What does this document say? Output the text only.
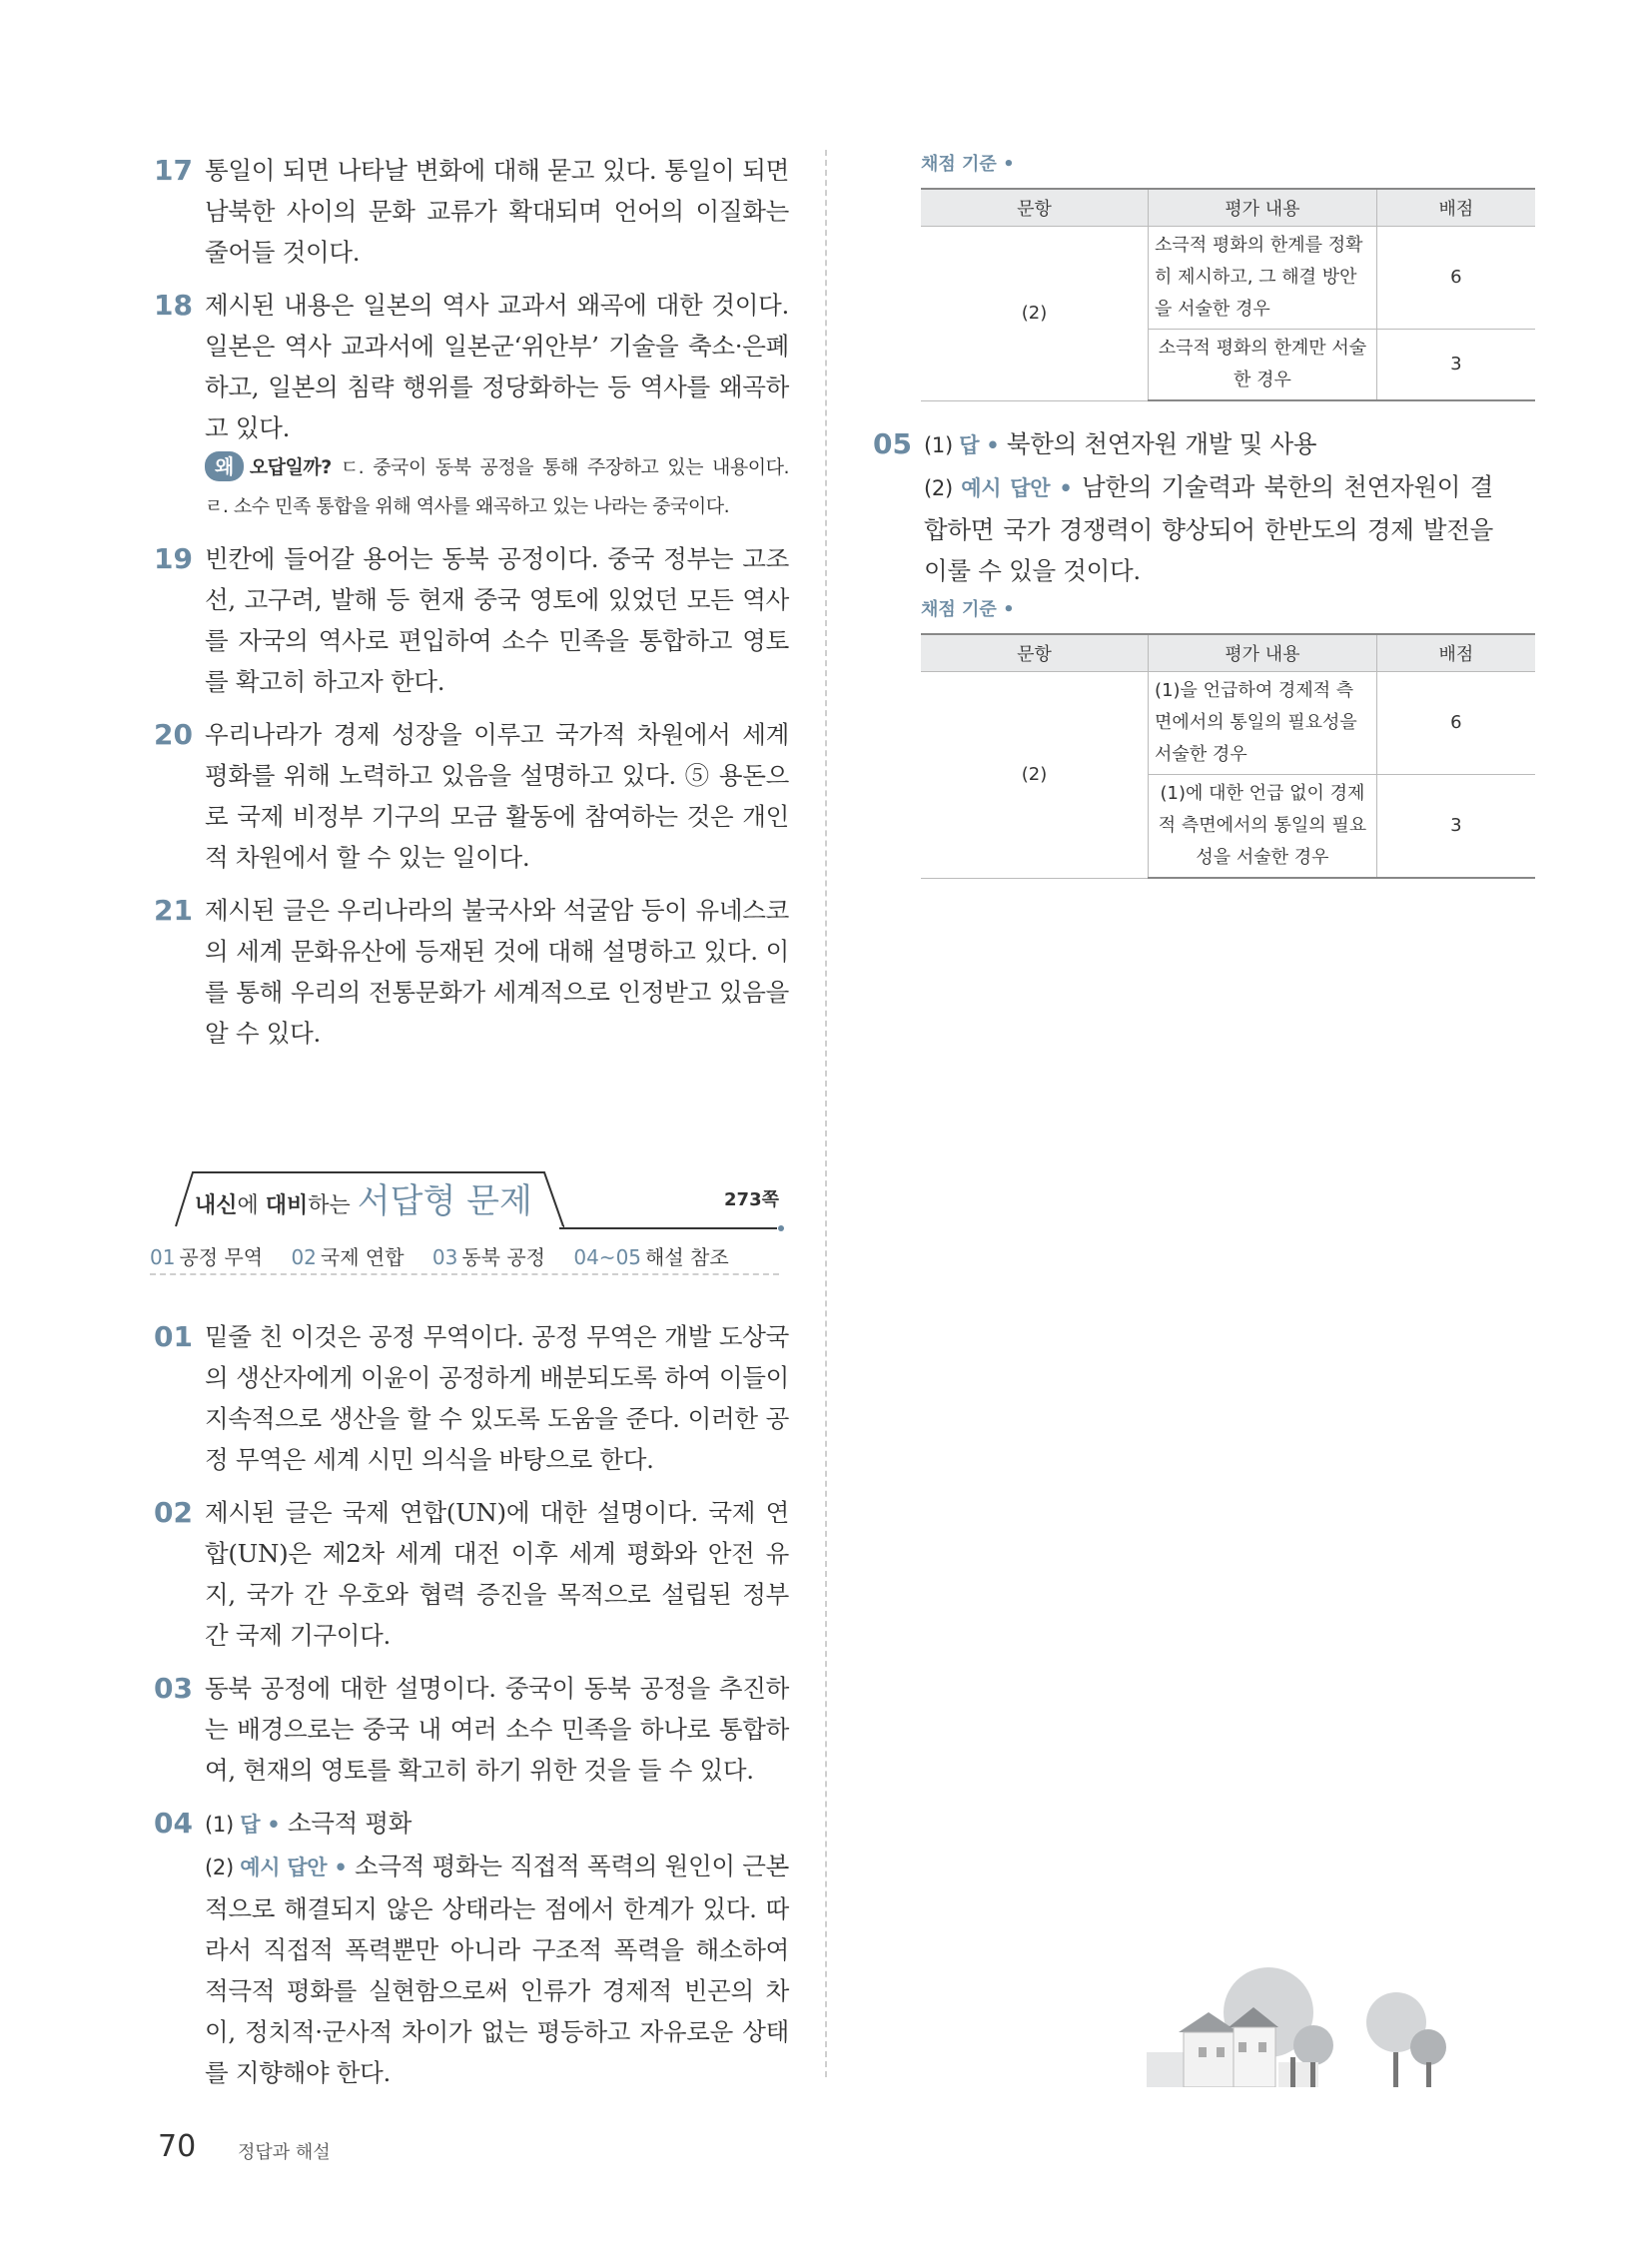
17 통일이 되면 나타날 변화에 대해 묻고 있다. 통일이 되면 남북한 사이의 문화 교류가 확대되며 언어의 이질화는 줄어들 것이다.

18 제시된 내용은 일본의 역사 교과서 왜곡에 대한 것이다. 일본은 역사 교과서에 일본군‘위안부’ 기술을 축소·은폐하고, 일본의 침략 행위를 정당화하는 등 역사를 왜곡하고 있다.

왜 오답일까? ㄷ. 중국이 동북 공정을 통해 주장하고 있는 내용이다. ㄹ. 소수 민족 통합을 위해 역사를 왜곡하고 있는 나라는 중국이다.
19 빈칸에 들어갈 용어는 동북 공정이다. 중국 정부는 고조선, 고구려, 발해 등 현재 중국 영토에 있었던 모든 역사를 자국의 역사로 편입하여 소수 민족을 통합하고 영토를 확고히 하고자 한다.

20 우리나라가 경제 성장을 이루고 국가적 차원에서 세계 평화를 위해 노력하고 있음을 설명하고 있다. ⑤ 용돈으로 국제 비정부 기구의 모금 활동에 참여하는 것은 개인적 차원에서 할 수 있는 일이다.

21 제시된 글은 우리나라의 불국사와 석굴암 등이 유네스코의 세계 문화유산에 등재된 것에 대해 설명하고 있다. 이를 통해 우리의 전통문화가 세계적으로 인정받고 있음을 알 수 있다.

내신에 대비하는 서답형 문제	273쪽
01 공정 무역 02 국제 연합 03 동북 공정 04~05 해설 참조
01 밑줄 친 이것은 공정 무역이다. 공정 무역은 개발 도상국의 생산자에게 이윤이 공정하게 배분되도록 하여 이들이 지속적으로 생산을 할 수 있도록 도움을 준다. 이러한 공정 무역은 세계 시민 의식을 바탕으로 한다.

02 제시된 글은 국제 연합(UN)에 대한 설명이다. 국제 연합(UN)은 제2차 세계 대전 이후 세계 평화와 안전 유지, 국가 간 우호와 협력 증진을 목적으로 설립된 정부 간 국제 기구이다.

03 동북 공정에 대한 설명이다. 중국이 동북 공정을 추진하는 배경으로는 중국 내 여러 소수 민족을 하나로 통합하여, 현재의 영토를 확고히 하기 위한 것을 들 수 있다.

04 (1) 답 • 소극적 평화

(2) 예시 답안 • 소극적 평화는 직접적 폭력의 원인이 근본적으로 해결되지 않은 상태라는 점에서 한계가 있다. 따라서 직접적 폭력뿐만 아니라 구조적 폭력을 해소하여 적극적 평화를 실현함으로써 인류가 경제적 빈곤의 차이, 정치적·군사적 차이가 없는 평등하고 자유로운 상태를 지향해야 한다.

채점 기준 •
문항	평가 내용	배점
(2)	소극적 평화의 한계를 정확히 제시하고, 그 해결 방안을 서술한 경우	6
	소극적 평화의 한계만 서술한 경우	3
05 (1) 답 • 북한의 천연자원 개발 및 사용

(2) 예시 답안 • 남한의 기술력과 북한의 천연자원이 결합하면 국가 경쟁력이 향상되어 한반도의 경제 발전을 이룰 수 있을 것이다.

채점 기준 •
문항	평가 내용	배점
(2)	(1)을 언급하여 경제적 측면에서의 통일의 필요성을 서술한 경우	6
	(1)에 대한 언급 없이 경제적 측면에서의 통일의 필요성을 서술한 경우	3
70 정답과 해설
